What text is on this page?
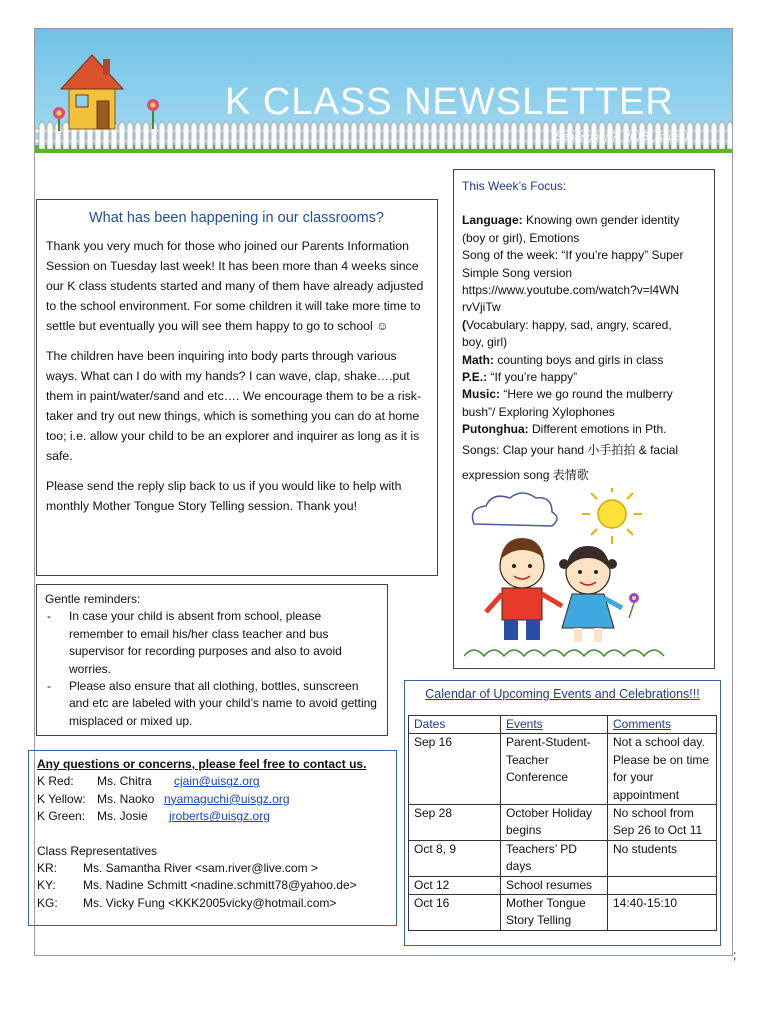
K CLASS NEWSLETTER
September 7, 2015, Issue 1
What has been happening in our classrooms?

Thank you very much for those who joined our Parents Information Session on Tuesday last week! It has been more than 4 weeks since our K class students started and many of them have already adjusted to the school environment. For some children it will take more time to settle but eventually you will see them happy to go to school ☺

The children have been inquiring into body parts through various ways. What can I do with my hands? I can wave, clap, shake….put them in paint/water/sand and etc…. We encourage them to be a risk-taker and try out new things, which is something you can do at home too; i.e. allow your child to be an explorer and inquirer as long as it is safe.

Please send the reply slip back to us if you would like to help with monthly Mother Tongue Story Telling session. Thank you!

This Week’s Focus:
Language: Knowing own gender identity
(boy or girl), Emotions
Song of the week: “If you’re happy” Super
Simple Song version
https://www.youtube.com/watch?v=l4WN
rvVjiTw
(Vocabulary: happy, sad, angry, scared,
boy, girl)
Math: counting boys and girls in class
P.E.: “If you’re happy”
Music: “Here we go round the mulberry
bush”/ Exploring Xylophones
Putonghua: Different emotions in Pth.
Songs: Clap your hand 小手拍拍 & facial
expression song 表情歌
Gentle reminders:
- In case your child is absent from school, please remember to email his/her class teacher and bus supervisor for recording purposes and also to avoid worries.
- Please also ensure that all clothing, bottles, sunscreen and etc are labeled with your child’s name to avoid getting misplaced or mixed up.
Any questions or concerns, please feel free to contact us.
K Red:	Ms. Chitra	cjain@uisgz.org
K Yellow: Ms. Naoko nyamaguchi@uisgz.org
K Green: Ms. Josie	jroberts@uisgz.org
Class Representatives
KR:	Ms. Samantha River <sam.river@live.com >
KY:	Ms. Nadine Schmitt <nadine.schmitt78@yahoo.de>
KG:	Ms. Vicky Fung <KKK2005vicky@hotmail.com>
Calendar of Upcoming Events and Celebrations!!!
Dates	Events	Comments
Sep 16	Parent-Student-Teacher Conference	Not a school day. Please be on time for your appointment
Sep 28	October Holiday begins	No school from Sep 26 to Oct 11
Oct 8, 9	Teachers’ PD days	No students
Oct 12	School resumes	
Oct 16	Mother Tongue Story Telling	14:40-15:10
;
